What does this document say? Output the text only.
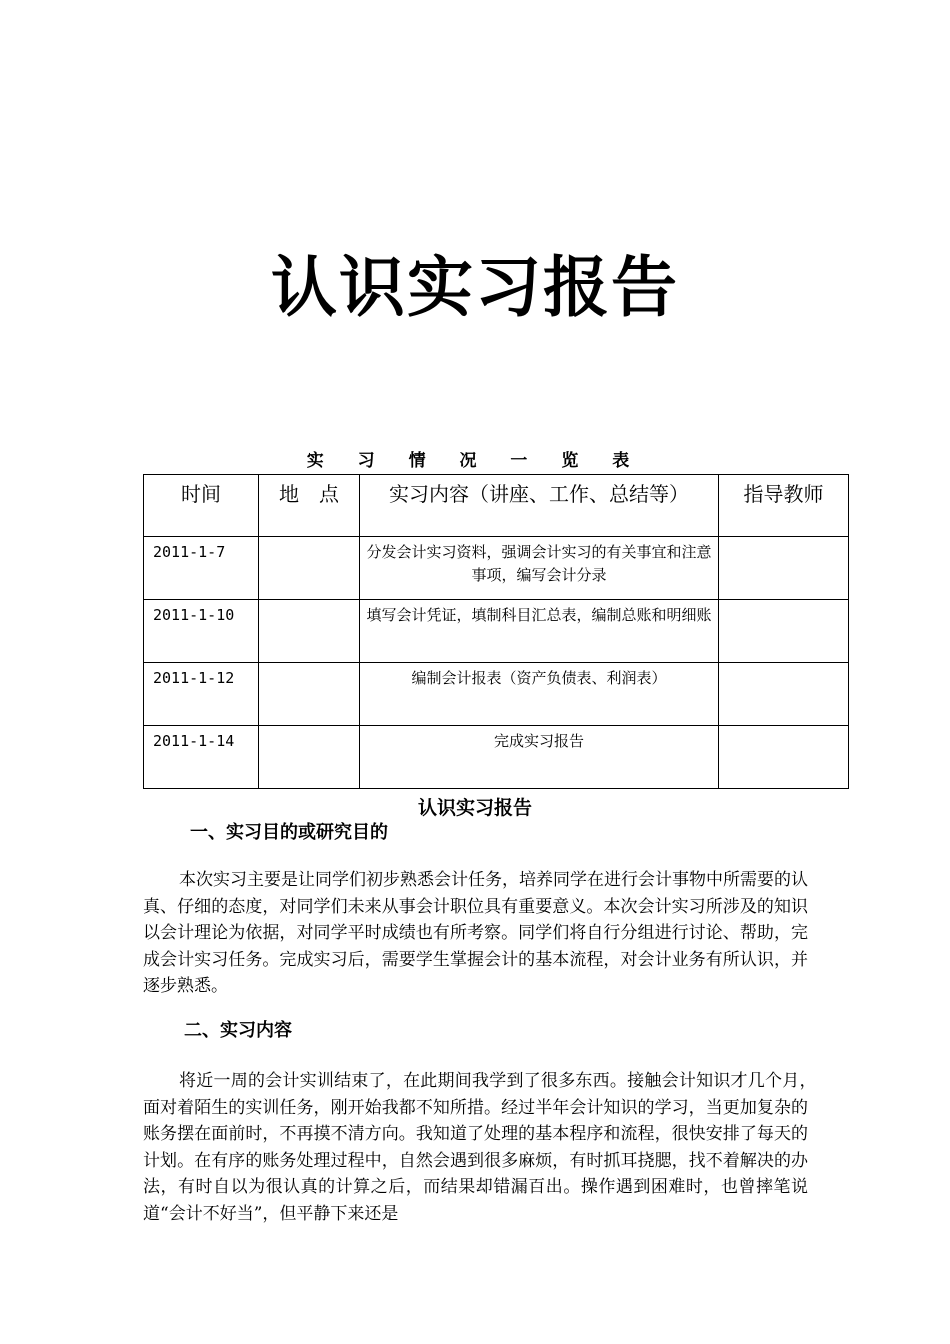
认识实习报告
实 习 情 况 一 览 表
时间	地　点	实习内容（讲座、工作、总结等）	指导教师
2011-1-7		分发会计实习资料，强调会计实习的有关事宜和注意事项，编写会计分录	
2011-1-10		填写会计凭证，填制科目汇总表，编制总账和明细账	
2011-1-12		编制会计报表（资产负债表、利润表）	
2011-1-14		完成实习报告	
认识实习报告
一、实习目的或研究目的

本次实习主要是让同学们初步熟悉会计任务，培养同学在进行会计事物中所需要的认真、仔细的态度，对同学们未来从事会计职位具有重要意义。本次会计实习所涉及的知识以会计理论为依据，对同学平时成绩也有所考察。同学们将自行分组进行讨论、帮助，完成会计实习任务。完成实习后，需要学生掌握会计的基本流程，对会计业务有所认识，并逐步熟悉。

二、实习内容

将近一周的会计实训结束了，在此期间我学到了很多东西。接触会计知识才几个月，　面对着陌生的实训任务，刚开始我都不知所措。经过半年会计知识的学习，当更加复杂的账务摆在面前时，不再摸不清方向。我知道了处理的基本程序和流程，很快安排了每天的计划。在有序的账务处理过程中，自然会遇到很多麻烦，有时抓耳挠腮，找不着解决的办法，有时自以为很认真的计算之后，而结果却错漏百出。操作遇到困难时，也曾摔笔说道“会计不好当”，但平静下来还是
